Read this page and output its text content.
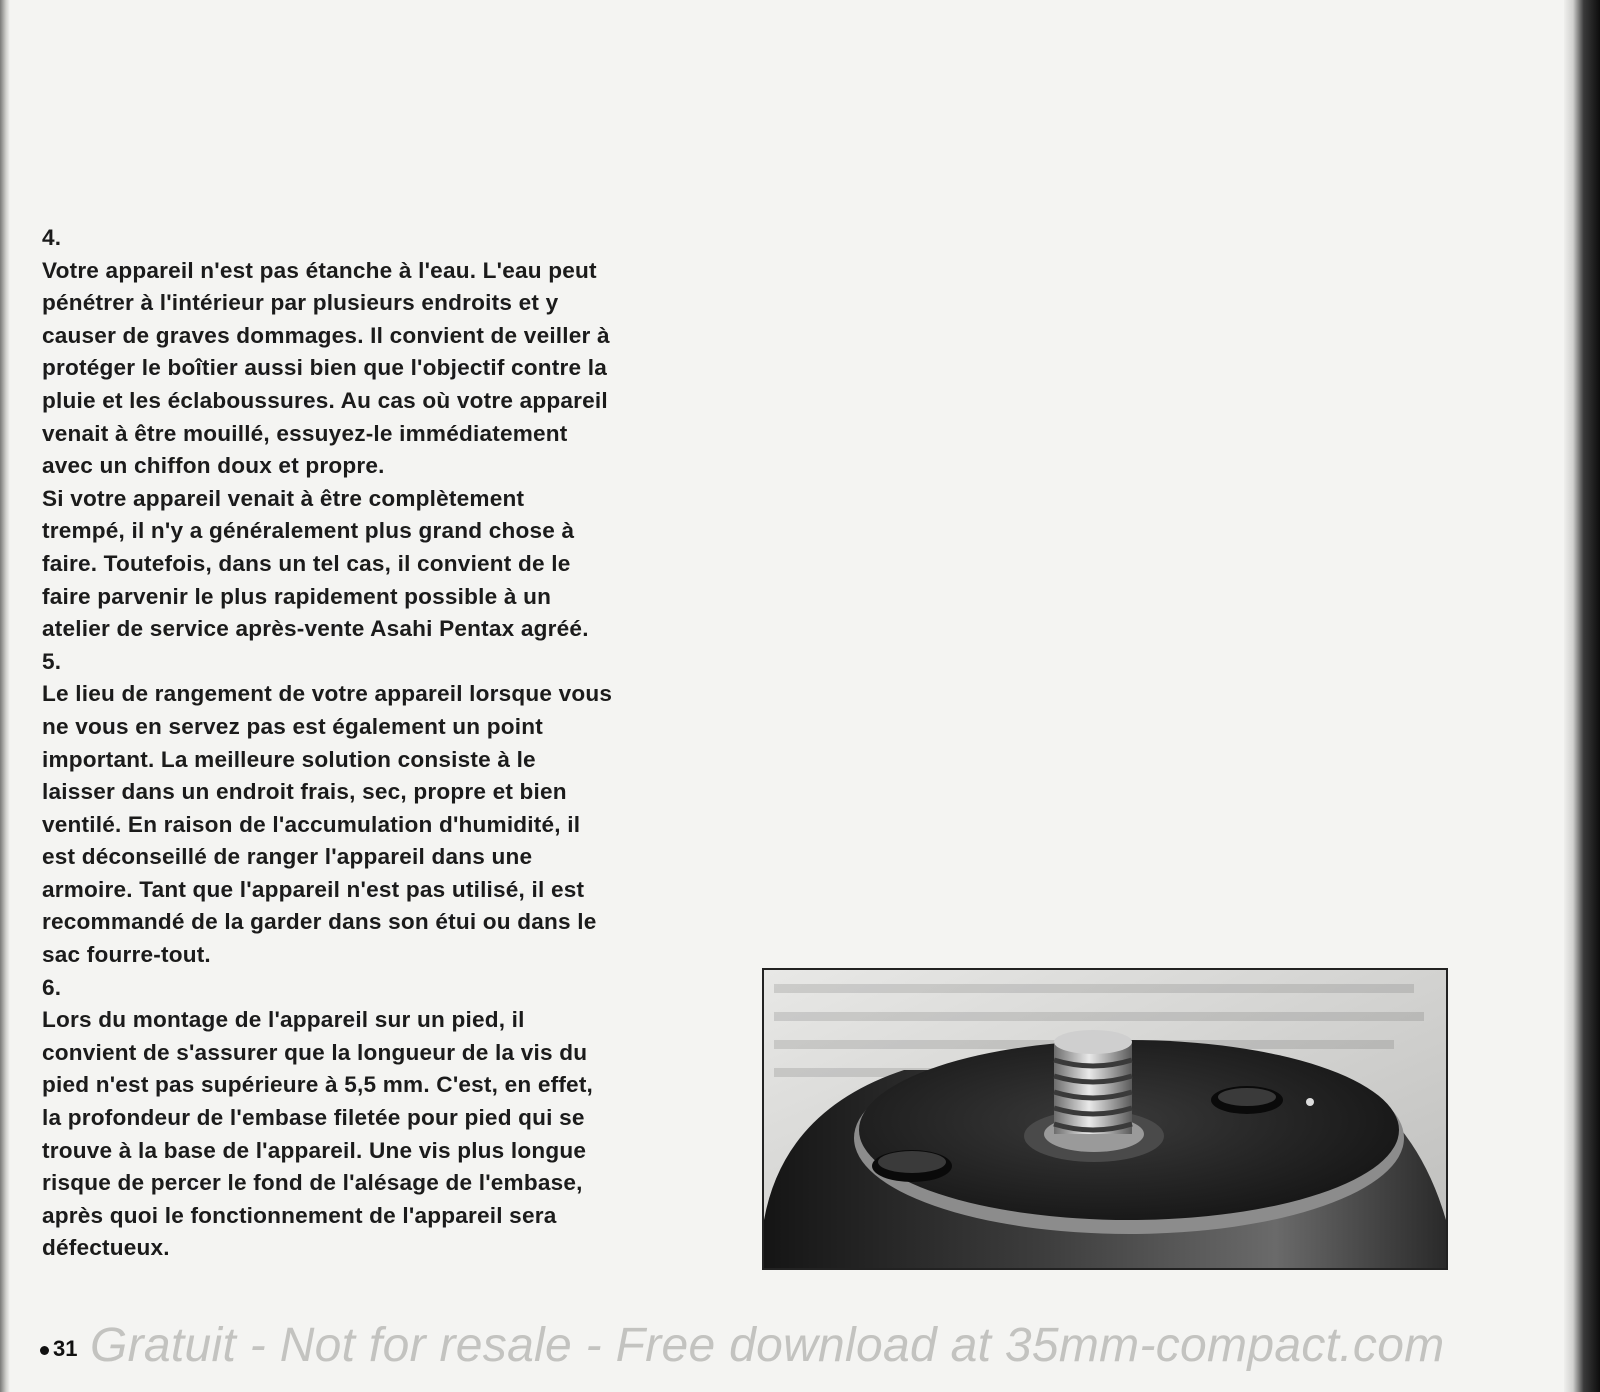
4.

Votre appareil n'est pas étanche à l'eau. L'eau peut
pénétrer à l'intérieur par plusieurs endroits et y
causer de graves dommages. Il convient de veiller à
protéger le boîtier aussi bien que l'objectif contre la
pluie et les éclaboussures. Au cas où votre appareil
venait à être mouillé, essuyez-le immédiatement
avec un chiffon doux et propre.
Si votre appareil venait à être complètement
trempé, il n'y a généralement plus grand chose à
faire. Toutefois, dans un tel cas, il convient de le
faire parvenir le plus rapidement possible à un
atelier de service après-vente Asahi Pentax agréé.

5.

Le lieu de rangement de votre appareil lorsque vous
ne vous en servez pas est également un point
important. La meilleure solution consiste à le
laisser dans un endroit frais, sec, propre et bien
ventilé. En raison de l'accumulation d'humidité, il
est déconseillé de ranger l'appareil dans une
armoire. Tant que l'appareil n'est pas utilisé, il est
recommandé de la garder dans son étui ou dans le
sac fourre-tout.

6.

Lors du montage de l'appareil sur un pied, il
convient de s'assurer que la longueur de la vis du
pied n'est pas supérieure à 5,5 mm. C'est, en effet,
la profondeur de l'embase filetée pour pied qui se
trouve à la base de l'appareil. Une vis plus longue
risque de percer le fond de l'alésage de l'embase,
après quoi le fonctionnement de l'appareil sera
défectueux.

31 Gratuit - Not for resale - Free download at 35mm-compact.com
